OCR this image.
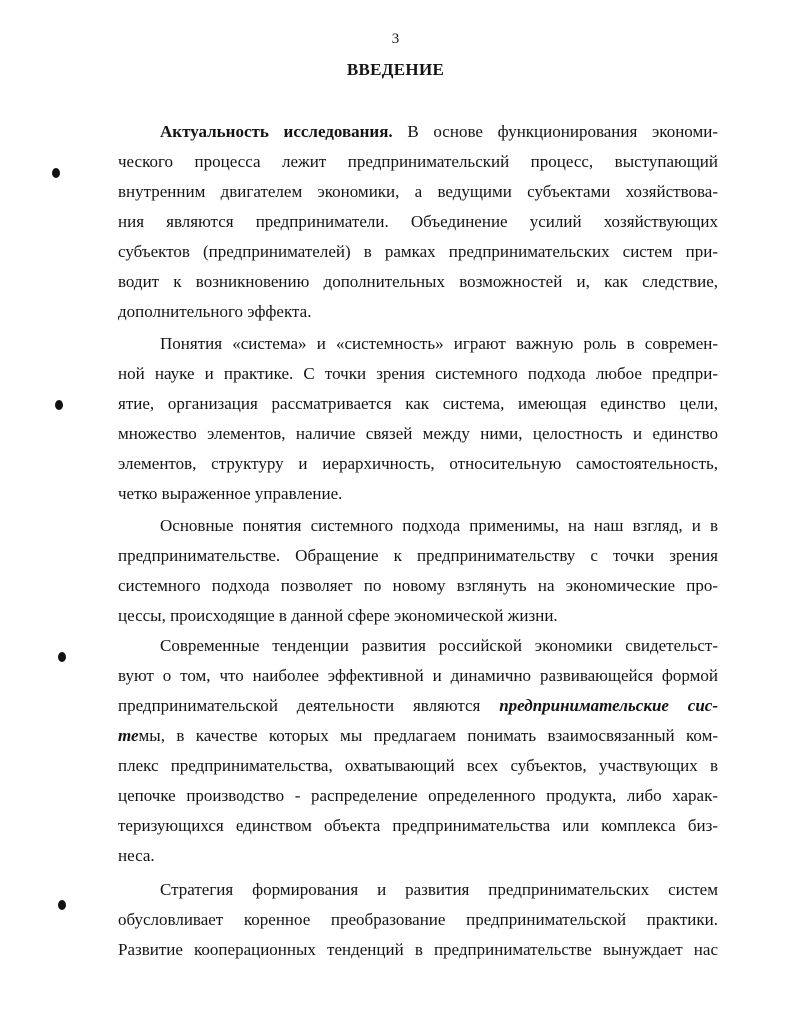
3
ВВЕДЕНИЕ
Актуальность исследования. В основе функционирования экономи-
ческого процесса лежит предпринимательский процесс, выступающий
внутренним двигателем экономики, а ведущими субъектами хозяйствова-
ния являются предприниматели. Объединение усилий хозяйствующих
субъектов (предпринимателей) в рамках предпринимательских систем при-
водит к возникновению дополнительных возможностей и, как следствие,
дополнительного эффекта.
Понятия «система» и «системность» играют важную роль в современ-
ной науке и практике. С точки зрения системного подхода любое предпри-
ятие, организация рассматривается как система, имеющая единство цели,
множество элементов, наличие связей между ними, целостность и единство
элементов, структуру и иерархичность, относительную самостоятельность,
четко выраженное управление.
Основные понятия системного подхода применимы, на наш взгляд, и в
предпринимательстве. Обращение к предпринимательству с точки зрения
системного подхода позволяет по новому взглянуть на экономические про-
цессы, происходящие в данной сфере экономической жизни.
Современные тенденции развития российской экономики свидетельст-
вуют о том, что наиболее эффективной и динамично развивающейся формой
предпринимательской деятельности являются предпринимательские сис-
темы, в качестве которых мы предлагаем понимать взаимосвязанный ком-
плекс предпринимательства, охватывающий всех субъектов, участвующих в
цепочке производство - распределение определенного продукта, либо харак-
теризующихся единством объекта предпринимательства или комплекса биз-
неса.
Стратегия формирования и развития предпринимательских систем
обусловливает коренное преобразование предпринимательской практики.
Развитие кооперационных тенденций в предпринимательстве вынуждает нас
